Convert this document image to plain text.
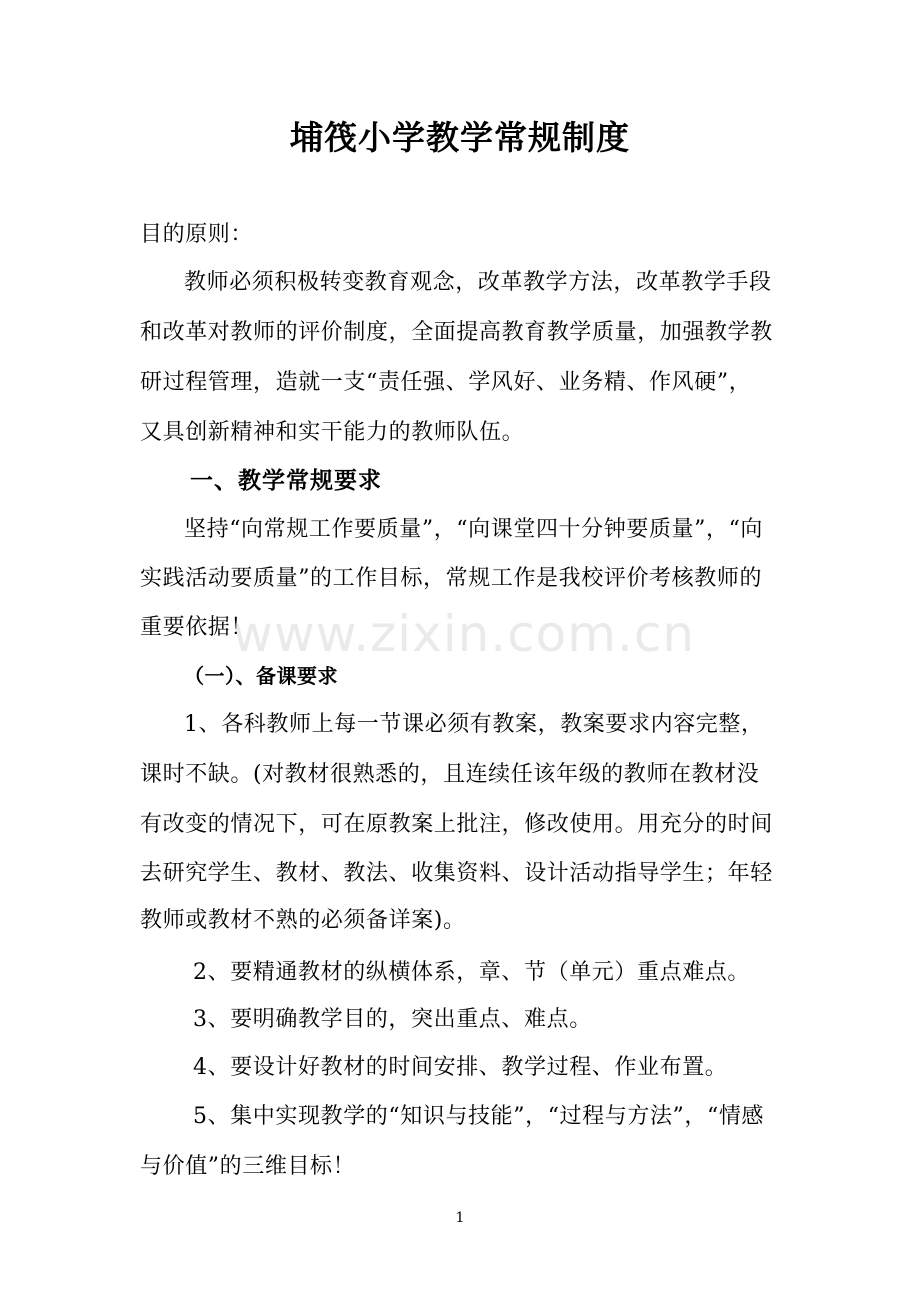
埔筏小学教学常规制度
目的原则：
教师必须积极转变教育观念，改革教学方法，改革教学手段
和改革对教师的评价制度，全面提高教育教学质量，加强教学教
研过程管理，造就一支“责任强、学风好、业务精、作风硬”，
又具创新精神和实干能力的教师队伍。
一、教学常规要求
坚持“向常规工作要质量”，“向课堂四十分钟要质量”，“向
实践活动要质量”的工作目标，常规工作是我校评价考核教师的
重要依据！
（一）、备课要求
1、各科教师上每一节课必须有教案，教案要求内容完整，
课时不缺。(对教材很熟悉的，且连续任该年级的教师在教材没
有改变的情况下，可在原教案上批注，修改使用。用充分的时间
去研究学生、教材、教法、收集资料、设计活动指导学生；年轻
教师或教材不熟的必须备详案)。
2、要精通教材的纵横体系，章、节（单元）重点难点。
3、要明确教学目的，突出重点、难点。
4、要设计好教材的时间安排、教学过程、作业布置。
5、集中实现教学的“知识与技能”，“过程与方法”，“情感
与价值”的三维目标！
www.zixin.com.cn
1
